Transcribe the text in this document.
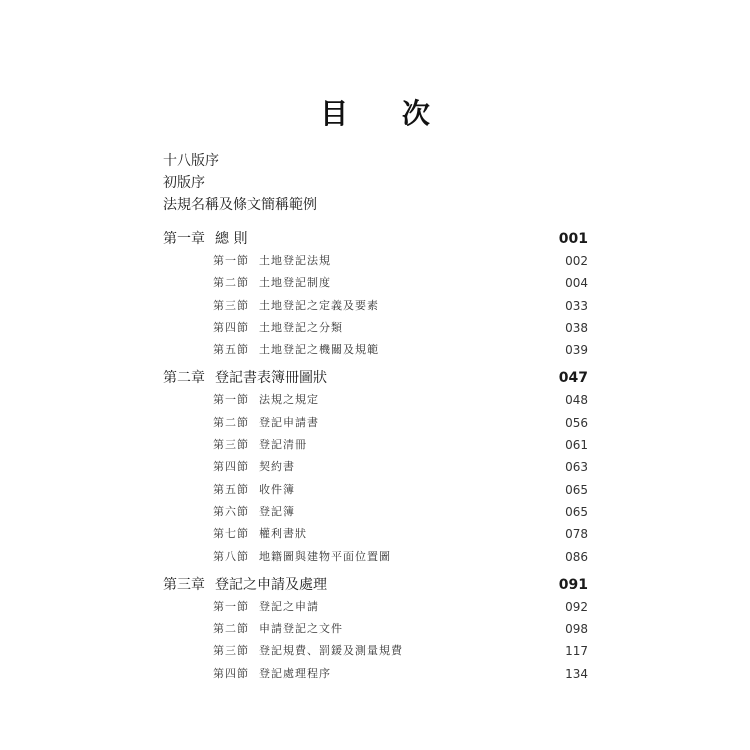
目 次
十八版序
初版序
法規名稱及條文簡稱範例
第一章 總 則	001
第一節 土地登記法規	002
第二節 土地登記制度	004
第三節 土地登記之定義及要素	033
第四節 土地登記之分類	038
第五節 土地登記之機關及規範	039
第二章 登記書表簿冊圖狀	047
第一節 法規之規定	048
第二節 登記申請書	056
第三節 登記清冊	061
第四節 契約書	063
第五節 收件簿	065
第六節 登記簿	065
第七節 權利書狀	078
第八節 地籍圖與建物平面位置圖	086
第三章 登記之申請及處理	091
第一節 登記之申請	092
第二節 申請登記之文件	098
第三節 登記規費、罰鍰及測量規費	117
第四節 登記處理程序	134
